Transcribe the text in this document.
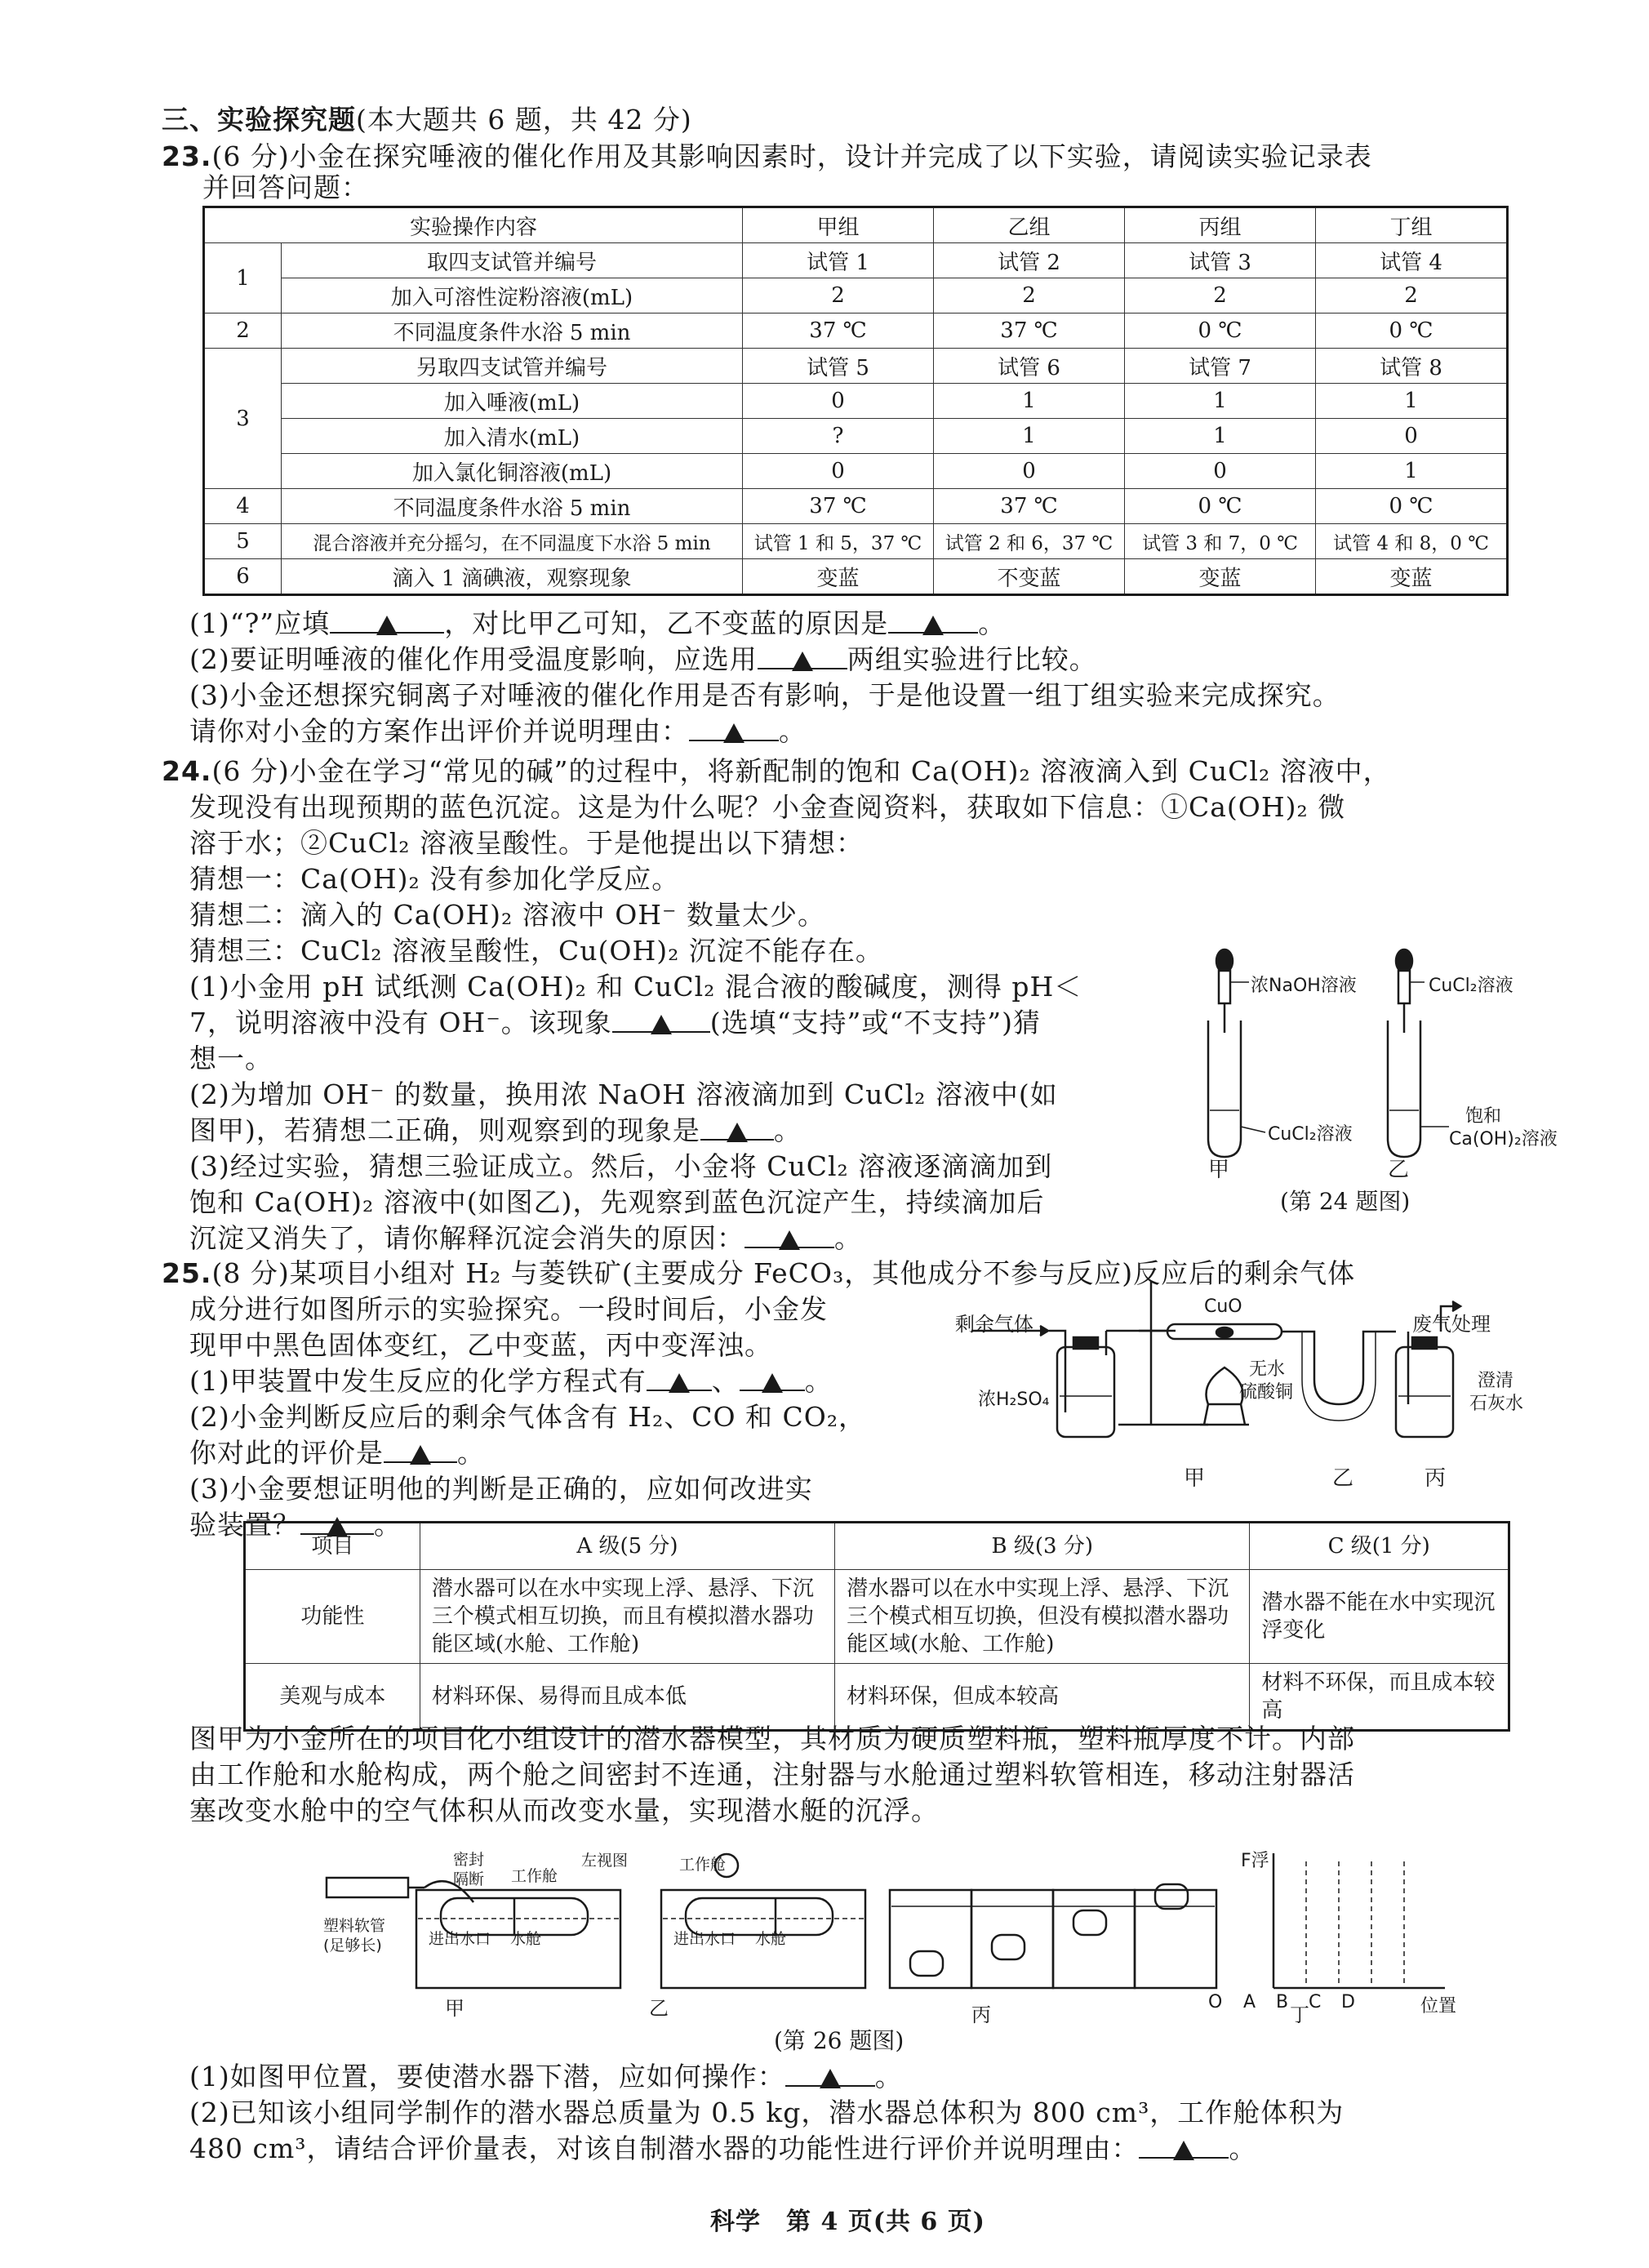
三、实验探究题(本大题共 6 题，共 42 分)
23.(6 分)小金在探究唾液的催化作用及其影响因素时，设计并完成了以下实验，请阅读实验记录表
并回答问题：
实验操作内容		甲组	乙组	丙组	丁组
1	取四支试管并编号	试管 1	试管 2	试管 3	试管 4
	加入可溶性淀粉溶液(mL)	2	2	2	2
2	不同温度条件水浴 5 min	37 ℃	37 ℃	0 ℃	0 ℃
3	另取四支试管并编号	试管 5	试管 6	试管 7	试管 8
	加入唾液(mL)	0	1	1	1
	加入清水(mL)	?	1	1	0
	加入氯化铜溶液(mL)	0	0	0	1
4	不同温度条件水浴 5 min	37 ℃	37 ℃	0 ℃	0 ℃
5	混合溶液并充分摇匀，在不同温度下水浴 5 min	试管 1 和 5，37 ℃	试管 2 和 6，37 ℃	试管 3 和 7，0 ℃	试管 4 和 8，0 ℃
6	滴入 1 滴碘液，观察现象	变蓝	不变蓝	变蓝	变蓝
(1)“?”应填	，对比甲乙可知，乙不变蓝的原因是	。
(2)要证明唾液的催化作用受温度影响，应选用	两组实验进行比较。
(3)小金还想探究铜离子对唾液的催化作用是否有影响，于是他设置一组丁组实验来完成探究。
请你对小金的方案作出评价并说明理由：	。
24.(6 分)小金在学习“常见的碱”的过程中，将新配制的饱和 Ca(OH)₂ 溶液滴入到 CuCl₂ 溶液中，
发现没有出现预期的蓝色沉淀。这是为什么呢？小金查阅资料，获取如下信息：①Ca(OH)₂ 微
溶于水；②CuCl₂ 溶液呈酸性。于是他提出以下猜想：
猜想一：Ca(OH)₂ 没有参加化学反应。
猜想二：滴入的 Ca(OH)₂ 溶液中 OH⁻ 数量太少。
猜想三：CuCl₂ 溶液呈酸性，Cu(OH)₂ 沉淀不能存在。
(1)小金用 pH 试纸测 Ca(OH)₂ 和 CuCl₂ 混合液的酸碱度，测得 pH＜
7，说明溶液中没有 OH⁻。该现象	(选填“支持”或“不支持”)猜
想一。
(2)为增加 OH⁻ 的数量，换用浓 NaOH 溶液滴加到 CuCl₂ 溶液中(如
图甲)，若猜想二正确，则观察到的现象是	。
(3)经过实验，猜想三验证成立。然后，小金将 CuCl₂ 溶液逐滴滴加到
饱和 Ca(OH)₂ 溶液中(如图乙)，先观察到蓝色沉淀产生，持续滴加后
沉淀又消失了，请你解释沉淀会消失的原因：	。
浓NaOH溶液
CuCl₂溶液
CuCl₂溶液
饱和
Ca(OH)₂溶液
甲	乙
(第 24 题图)
25.(8 分)某项目小组对 H₂ 与菱铁矿(主要成分 FeCO₃，其他成分不参与反应)反应后的剩余气体
成分进行如图所示的实验探究。一段时间后，小金发
现甲中黑色固体变红，乙中变蓝，丙中变浑浊。
(1)甲装置中发生反应的化学方程式有 、 。
(2)小金判断反应后的剩余气体含有 H₂、CO 和 CO₂，
你对此的评价是	。
(3)小金要想证明他的判断是正确的，应如何改进实
剩余气体
CuO
废气处理
浓H₂SO₄
无水
硫酸铜
澄清
石灰水
甲	乙	丙
项目	A 级(5 分)	B 级(3 分)	C 级(1 分)
功能性	潜水器可以在水中实现上浮、悬浮、下沉三个模式相互切换，而且有模拟潜水器功能区域(水舱、工作舱)	潜水器可以在水中实现上浮、悬浮、下沉三个模式相互切换，但没有模拟潜水器功能区域(水舱、工作舱)	潜水器不能在水中实现沉浮变化
美观与成本	材料环保、易得而且成本低	材料环保，但成本较高	材料不环保，而且成本较高
图甲为小金所在的项目化小组设计的潜水器模型，其材质为硬质塑料瓶，塑料瓶厚度不计。内部
由工作舱和水舱构成，两个舱之间密封不连通，注射器与水舱通过塑料软管相连，移动注射器活
塞改变水舱中的空气体积从而改变水量，实现潜水艇的沉浮。
密封
隔断 工作舱
塑料软管
(足够长)	进出水口 水舱
左视图	工作舱
进出水口 水舱
甲	乙	丙	丁
F浮
位置
O A B C D
(第 26 题图)
(1)如图甲位置，要使潜水器下潜，应如何操作：	。
(2)已知该小组同学制作的潜水器总质量为 0.5 kg，潜水器总体积为 800 cm³，工作舱体积为
480 cm³，请结合评价量表，对该自制潜水器的功能性进行评价并说明理由：	。
科学　第 4 页(共 6 页)
验装置？	。
